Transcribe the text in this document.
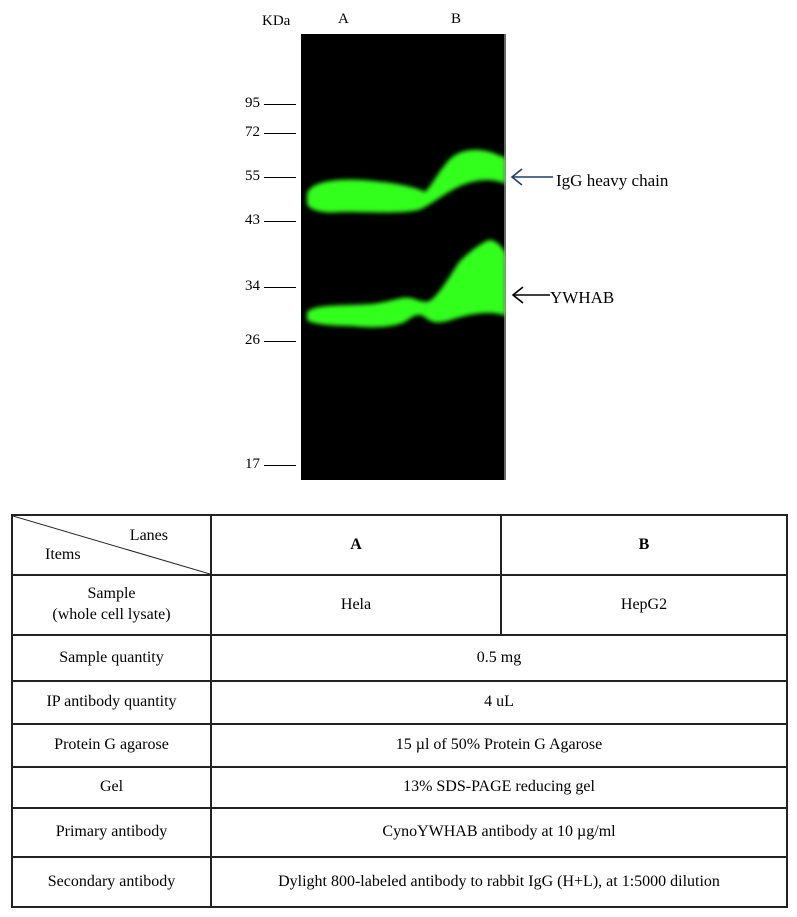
KDa	A	B
95
72
55
43
34
26
17
IgG heavy chain
YWHAB
Lanes
Items	A	B

Sample
(whole cell lysate)	Hela	HepG2
Sample quantity	0.5 mg	
IP antibody quantity	4 uL	
Protein G agarose	15 µl of 50% Protein G Agarose	
Gel	13% SDS-PAGE reducing gel	
Primary antibody	CynoYWHAB antibody at 10 µg/ml	
Secondary antibody	Dylight 800-labeled antibody to rabbit IgG (H+L), at 1:5000 dilution	
